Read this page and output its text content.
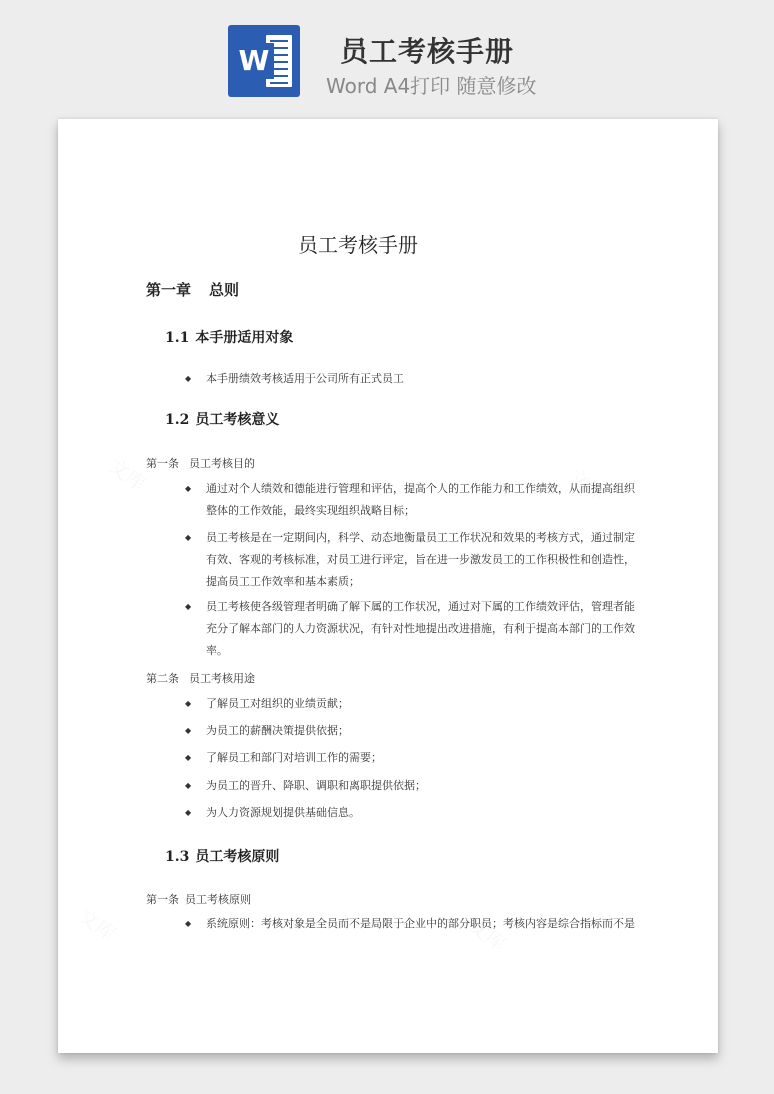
W	员工考核手册
Word A4打印 随意修改
员工考核手册
第一章 总则
1.1 本手册适用对象
◆ 本手册绩效考核适用于公司所有正式员工
1.2 员工考核意义
第一条 员工考核目的
◆ 通过对个人绩效和德能进行管理和评估，提高个人的工作能力和工作绩效，从而提高组织整体的工作效能，最终实现组织战略目标；
◆ 员工考核是在一定期间内，科学、动态地衡量员工工作状况和效果的考核方式，通过制定有效、客观的考核标准，对员工进行评定，旨在进一步激发员工的工作积极性和创造性，提高员工工作效率和基本素质；
◆ 员工考核使各级管理者明确了解下属的工作状况，通过对下属的工作绩效评估，管理者能充分了解本部门的人力资源状况，有针对性地提出改进措施，有利于提高本部门的工作效率。
第二条 员工考核用途
◆ 了解员工对组织的业绩贡献；
◆ 为员工的薪酬决策提供依据；
◆ 了解员工和部门对培训工作的需要；
◆ 为员工的晋升、降职、调职和离职提供依据；
◆ 为人力资源规划提供基础信息。
1.3 员工考核原则
第一条 员工考核原则
◆ 系统原则：考核对象是全员而不是局限于企业中的部分职员；考核内容是综合指标而不是
